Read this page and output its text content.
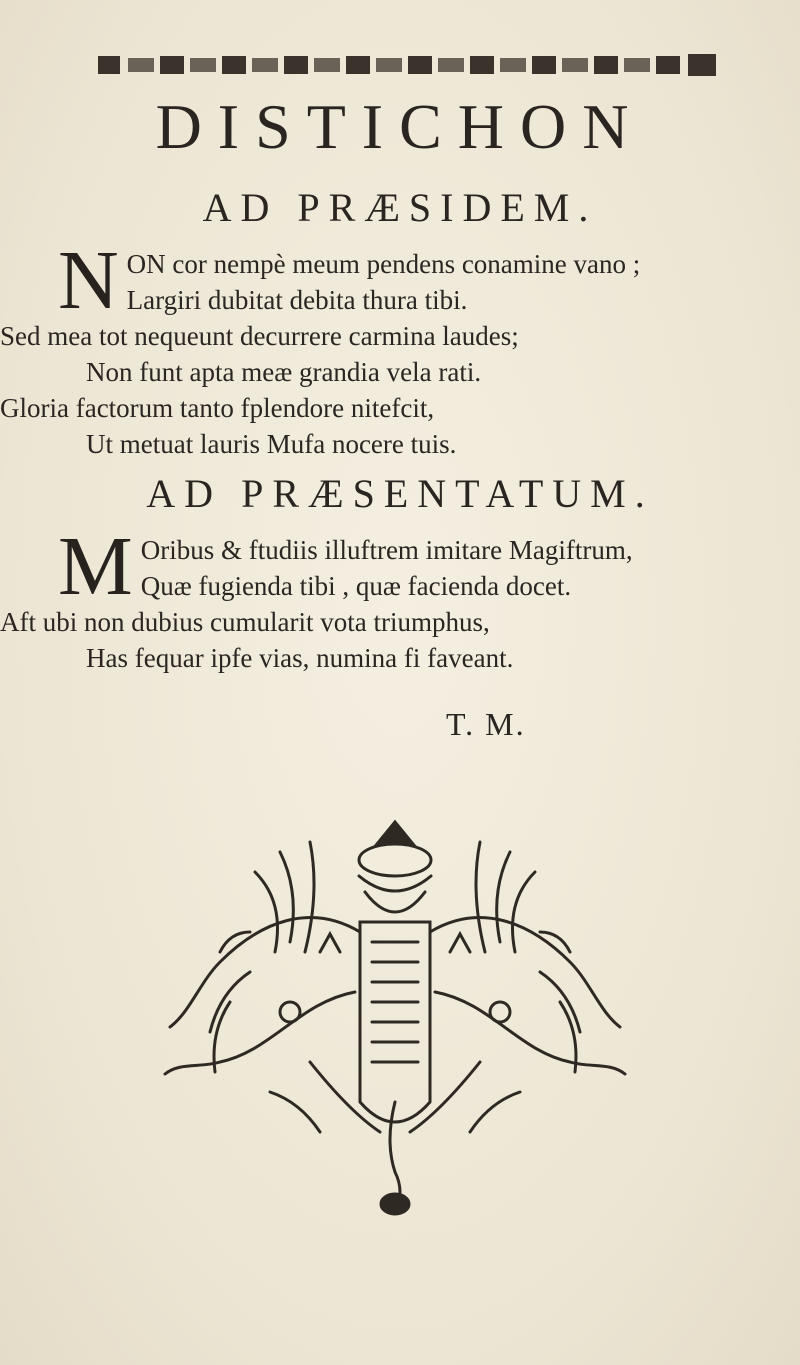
DISTICHON
AD PRÆSIDEM.
N ON cor nempè meum pendens conamine vano ;
Largiri dubitat debita thura tibi.
Sed mea tot nequeunt decurrere carmina laudes;
Non funt apta meæ grandia vela rati.
Gloria factorum tanto fplendore nitefcit,
Ut metuat lauris Mufa nocere tuis.
AD PRÆSENTATUM.
M Oribus & ftudiis illuftrem imitare Magiftrum,
Quæ fugienda tibi , quæ facienda docet.
Aft ubi non dubius cumularit vota triumphus,
Has fequar ipfe vias, numina fi faveant.
T. M.
